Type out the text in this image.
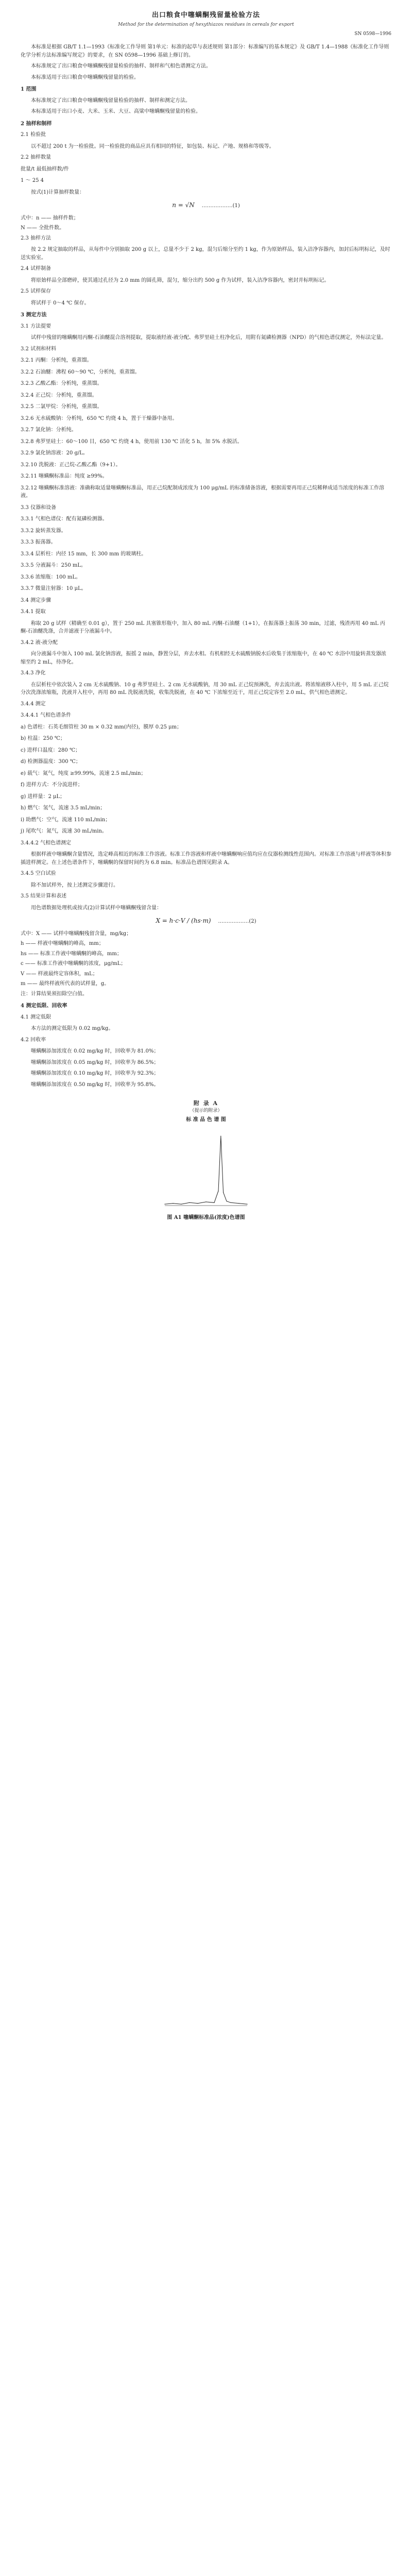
出口粮食中噻螨酮残留量检验方法
Method for the determination of hexythiazox residues in cereals for export
SN 0598—1996

本标准是根据 GB/T 1.1—1993《标准化工作导则 第1单元：标准的起草与表述规则 第1部分：标准编写的基本规定》及 GB/T 1.4—1988《标准化工作导则 化学分析方法标准编写规定》的要求，在 SN 0598—1996 基础上修订的。

本标准规定了出口粮食中噻螨酮残留量检验的抽样、制样和气相色谱测定方法。

本标准适用于出口粮食中噻螨酮残留量的检验。

1 范围

本标准规定了出口粮食中噻螨酮残留量检验的抽样、制样和测定方法。

本标准适用于出口小麦、大米、玉米、大豆、高粱中噻螨酮残留量的检验。

2 抽样和制样
2.1 检验批

以不超过 200 t 为一检验批。同一检验批的商品应具有相同的特征，如包装、标记、产地、规格和等级等。

2.2 抽样数量
批量/t 最低抽样数/件
1 ～ 25 4

按式(1)计算抽样数量：

n = √N ………………(1)

式中：n —— 抽样件数；

N —— 全批件数。

2.3 抽样方法

按 2.2 规定抽取的样品，从每件中分别抽取 200 g 以上，总量不少于 2 kg，混匀后缩分至约 1 kg，作为原始样品，装入洁净容器内，加封后标明标记，及时送实验室。

2.4 试样制备

将原始样品全部磨碎，使其通过孔径为 2.0 mm 的圆孔筛，混匀，缩分出约 500 g 作为试样，装入洁净容器内，密封并标明标记。

2.5 试样保存

将试样于 0～4 ℃ 保存。

3 测定方法
3.1 方法提要

试样中残留的噻螨酮用丙酮-石油醚混合溶剂提取，提取液经液-液分配、弗罗里硅土柱净化后，用附有氮磷检测器（NPD）的气相色谱仪测定，外标法定量。

3.2 试剂和材料
3.2.1 丙酮：分析纯，重蒸馏。
3.2.2 石油醚：沸程 60～90 ℃，分析纯，重蒸馏。
3.2.3 乙酸乙酯：分析纯，重蒸馏。
3.2.4 正己烷：分析纯，重蒸馏。
3.2.5 二氯甲烷：分析纯，重蒸馏。
3.2.6 无水硫酸钠：分析纯，650 ℃ 灼烧 4 h，置于干燥器中备用。
3.2.7 氯化钠：分析纯。
3.2.8 弗罗里硅土：60～100 目，650 ℃ 灼烧 4 h，使用前 130 ℃ 活化 5 h，加 5% 水脱活。
3.2.9 氯化钠溶液：20 g/L。
3.2.10 洗脱液：正己烷-乙酸乙酯（9+1）。
3.2.11 噻螨酮标准品：纯度 ≥99%。
3.2.12 噻螨酮标准溶液：准确称取适量噻螨酮标准品，用正己烷配制成浓度为 100 μg/mL 的标准储备溶液，根据需要再用正己烷稀释成适当浓度的标准工作溶液。
3.3 仪器和设备
3.3.1 气相色谱仪：配有氮磷检测器。
3.3.2 旋转蒸发器。
3.3.3 振荡器。
3.3.4 层析柱：内径 15 mm，长 300 mm 的玻璃柱。
3.3.5 分液漏斗：250 mL。
3.3.6 浓缩瓶：100 mL。
3.3.7 微量注射器：10 μL。
3.4 测定步骤
3.4.1 提取

称取 20 g 试样（精确至 0.01 g），置于 250 mL 具塞锥形瓶中，加入 80 mL 丙酮-石油醚（1+1），在振荡器上振荡 30 min，过滤，残渣再用 40 mL 丙酮-石油醚洗涤，合并滤液于分液漏斗中。

3.4.2 液-液分配

向分液漏斗中加入 100 mL 氯化钠溶液，振摇 2 min，静置分层，弃去水相。有机相经无水硫酸钠脱水后收集于浓缩瓶中，在 40 ℃ 水浴中用旋转蒸发器浓缩至约 2 mL，待净化。

3.4.3 净化

在层析柱中依次装入 2 cm 无水硫酸钠、10 g 弗罗里硅土、2 cm 无水硫酸钠，用 30 mL 正己烷预淋洗，弃去流出液。将浓缩液移入柱中，用 5 mL 正己烷分次洗涤浓缩瓶，洗液并入柱中，再用 80 mL 洗脱液洗脱，收集洗脱液，在 40 ℃ 下浓缩至近干，用正己烷定容至 2.0 mL，供气相色谱测定。

3.4.4 测定
3.4.4.1 气相色谱条件
a) 色谱柱：石英毛细管柱 30 m × 0.32 mm(内径)，膜厚 0.25 μm；
b) 柱温：250 ℃；
c) 进样口温度：280 ℃；
d) 检测器温度：300 ℃；
e) 载气：氮气，纯度 ≥99.99%，流速 2.5 mL/min；
f) 进样方式：不分流进样；
g) 进样量：2 μL；
h) 燃气：氢气，流速 3.5 mL/min；
i) 助燃气：空气，流速 110 mL/min；
j) 尾吹气：氮气，流速 30 mL/min。
3.4.4.2 气相色谱测定

根据样液中噻螨酮含量情况，选定峰高相近的标准工作溶液。标准工作溶液和样液中噻螨酮响应值均应在仪器检测线性范围内。对标准工作溶液与样液等体积参插进样测定。在上述色谱条件下，噻螨酮的保留时间约为 6.8 min。标准品色谱图见附录 A。

3.4.5 空白试验

除不加试样外，按上述测定步骤进行。

3.5 结果计算和表述

用色谱数据处理机或按式(2)计算试样中噻螨酮残留含量：

X = h·c·V / (hs·m) ………………(2)

式中：X —— 试样中噻螨酮残留含量，mg/kg；

h —— 样液中噻螨酮的峰高，mm；

hs —— 标准工作液中噻螨酮的峰高，mm；

c —— 标准工作液中噻螨酮的浓度，μg/mL；

V —— 样液最终定容体积，mL；

m —— 最终样液所代表的试样量，g。

注：计算结果须扣除空白值。

4 测定低限、回收率
4.1 测定低限

本方法的测定低限为 0.02 mg/kg。

4.2 回收率

噻螨酮添加浓度在 0.02 mg/kg 时，回收率为 81.0%；

噻螨酮添加浓度在 0.05 mg/kg 时，回收率为 86.5%；

噻螨酮添加浓度在 0.10 mg/kg 时，回收率为 92.3%；

噻螨酮添加浓度在 0.50 mg/kg 时，回收率为 95.8%。

附 录 A
（提示的附录）
标 准 品 色 谱 图
图 A1 噻螨酮标准品(浓度)色谱图
